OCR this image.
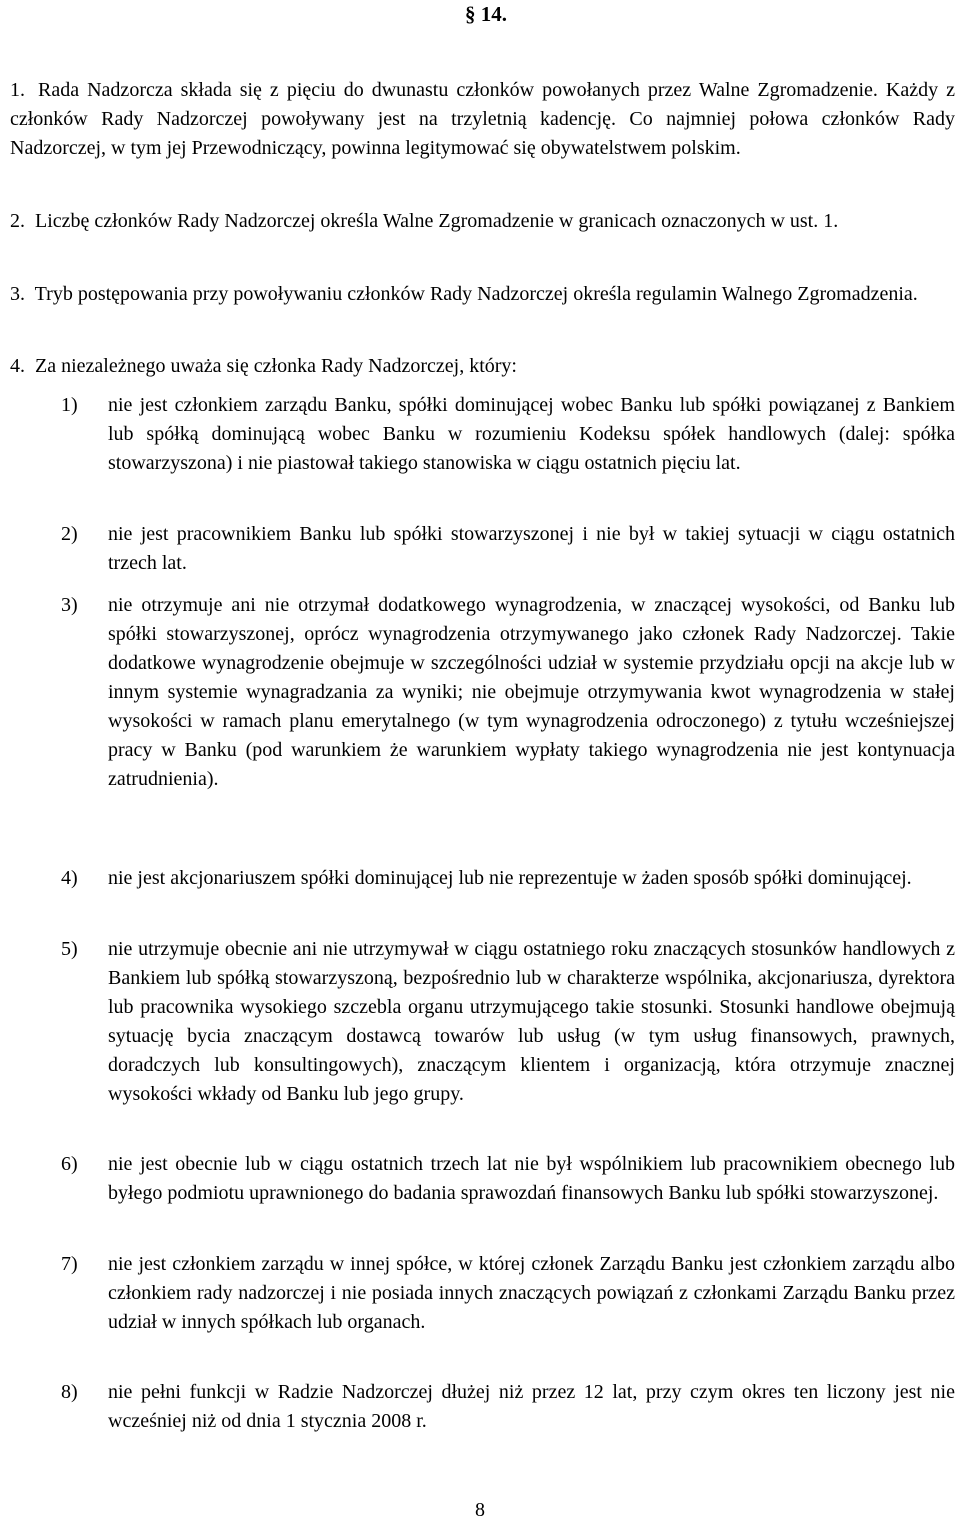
§ 14.
1. Rada Nadzorcza składa się z pięciu do dwunastu członków powołanych przez Walne Zgromadzenie. Każdy z członków Rady Nadzorczej powoływany jest na trzyletnią kadencję. Co najmniej połowa członków Rady Nadzorczej, w tym jej Przewodniczący, powinna legitymować się obywatelstwem polskim.
2. Liczbę członków Rady Nadzorczej określa Walne Zgromadzenie w granicach oznaczonych w ust. 1.
3. Tryb postępowania przy powoływaniu członków Rady Nadzorczej określa regulamin Walnego Zgromadzenia.
4. Za niezależnego uważa się członka Rady Nadzorczej, który:
1)	nie jest członkiem zarządu Banku, spółki dominującej wobec Banku lub spółki powiązanej z Bankiem lub spółką dominującą wobec Banku w rozumieniu Kodeksu spółek handlowych (dalej: spółka stowarzyszona) i nie piastował takiego stanowiska w ciągu ostatnich pięciu lat.
2)	nie jest pracownikiem Banku lub spółki stowarzyszonej i nie był w takiej sytuacji w ciągu ostatnich trzech lat.
3)	nie otrzymuje ani nie otrzymał dodatkowego wynagrodzenia, w znaczącej wysokości, od Banku lub spółki stowarzyszonej, oprócz wynagrodzenia otrzymywanego jako członek Rady Nadzorczej. Takie dodatkowe wynagrodzenie obejmuje w szczególności udział w systemie przydziału opcji na akcje lub w innym systemie wynagradzania za wyniki; nie obejmuje otrzymywania kwot wynagrodzenia w stałej wysokości w ramach planu emerytalnego (w tym wynagrodzenia odroczonego) z tytułu wcześniejszej pracy w Banku (pod warunkiem że warunkiem wypłaty takiego wynagrodzenia nie jest kontynuacja zatrudnienia).
4)	nie jest akcjonariuszem spółki dominującej lub nie reprezentuje w żaden sposób spółki dominującej.
5)	nie utrzymuje obecnie ani nie utrzymywał w ciągu ostatniego roku znaczących stosunków handlowych z Bankiem lub spółką stowarzyszoną, bezpośrednio lub w charakterze wspólnika, akcjonariusza, dyrektora lub pracownika wysokiego szczebla organu utrzymującego takie stosunki. Stosunki handlowe obejmują sytuację bycia znaczącym dostawcą towarów lub usług (w tym usług finansowych, prawnych, doradczych lub konsultingowych), znaczącym klientem i organizacją, która otrzymuje znacznej wysokości wkłady od Banku lub jego grupy.
6)	nie jest obecnie lub w ciągu ostatnich trzech lat nie był wspólnikiem lub pracownikiem obecnego lub byłego podmiotu uprawnionego do badania sprawozdań finansowych Banku lub spółki stowarzyszonej.
7)	nie jest członkiem zarządu w innej spółce, w której członek Zarządu Banku jest członkiem zarządu albo członkiem rady nadzorczej i nie posiada innych znaczących powiązań z członkami Zarządu Banku przez udział w innych spółkach lub organach.
8)	nie pełni funkcji w Radzie Nadzorczej dłużej niż przez 12 lat, przy czym okres ten liczony jest nie wcześniej niż od dnia 1 stycznia 2008 r.
8
